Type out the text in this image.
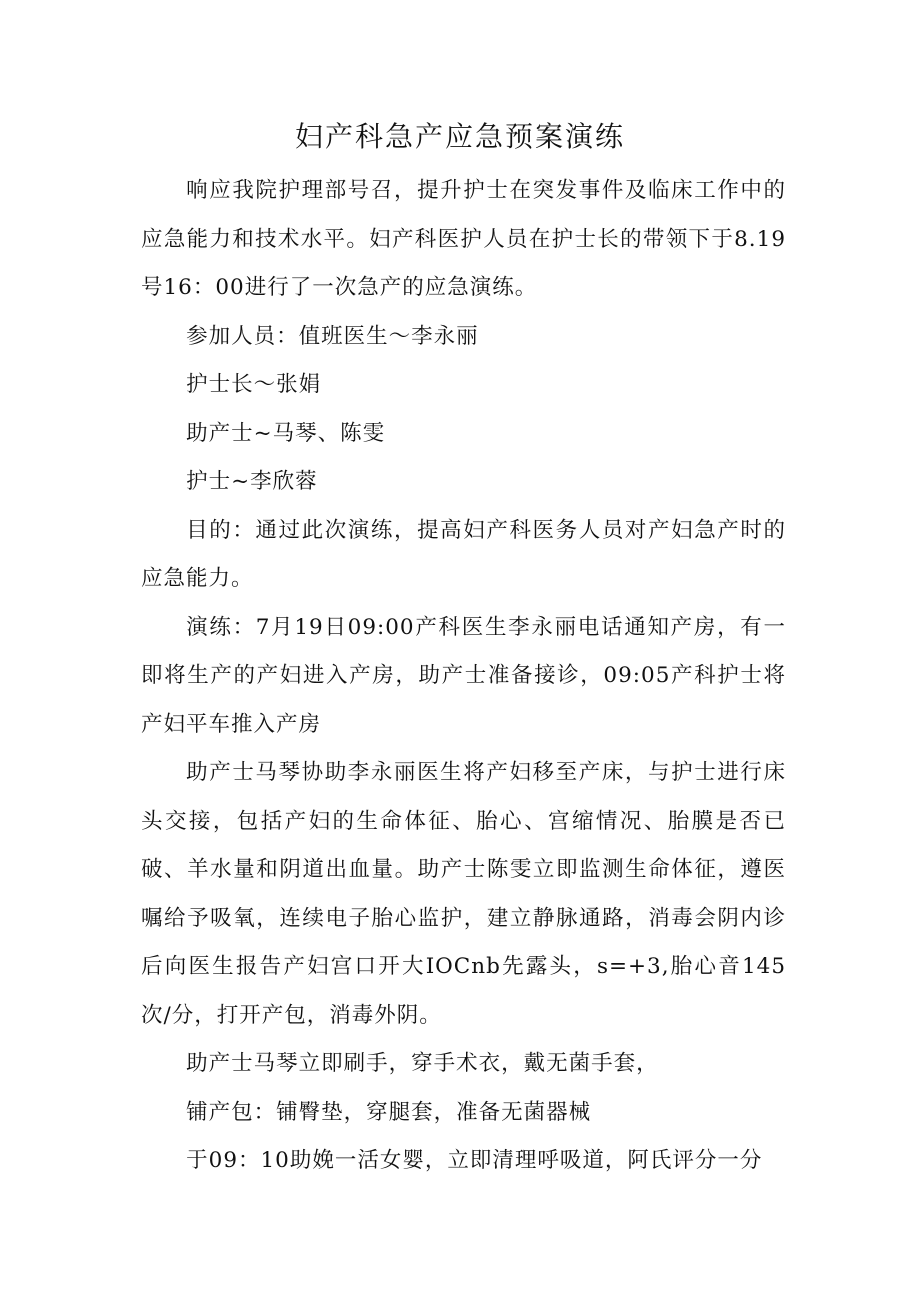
妇产科急产应急预案演练

响应我院护理部号召，提升护士在突发事件及临床工作中的应急能力和技术水平。妇产科医护人员在护士长的带领下于8.19号16：00进行了一次急产的应急演练。

参加人员：值班医生～李永丽

护士长～张娟

助产士~马琴、陈雯

护士~李欣蓉

目的：通过此次演练，提高妇产科医务人员对产妇急产时的应急能力。

演练：7月19日09:00产科医生李永丽电话通知产房，有一即将生产的产妇进入产房，助产士准备接诊，09:05产科护士将产妇平车推入产房

助产士马琴协助李永丽医生将产妇移至产床，与护士进行床头交接，包括产妇的生命体征、胎心、宫缩情况、胎膜是否已破、羊水量和阴道出血量。助产士陈雯立即监测生命体征，遵医嘱给予吸氧，连续电子胎心监护，建立静脉通路，消毒会阴内诊后向医生报告产妇宫口开大IOCnb先露头，s=+3,胎心音145次/分，打开产包，消毒外阴。

助产士马琴立即刷手，穿手术衣，戴无菌手套，

铺产包：铺臀垫，穿腿套，准备无菌器械

于09：10助娩一活女婴，立即清理呼吸道，阿氏评分一分
